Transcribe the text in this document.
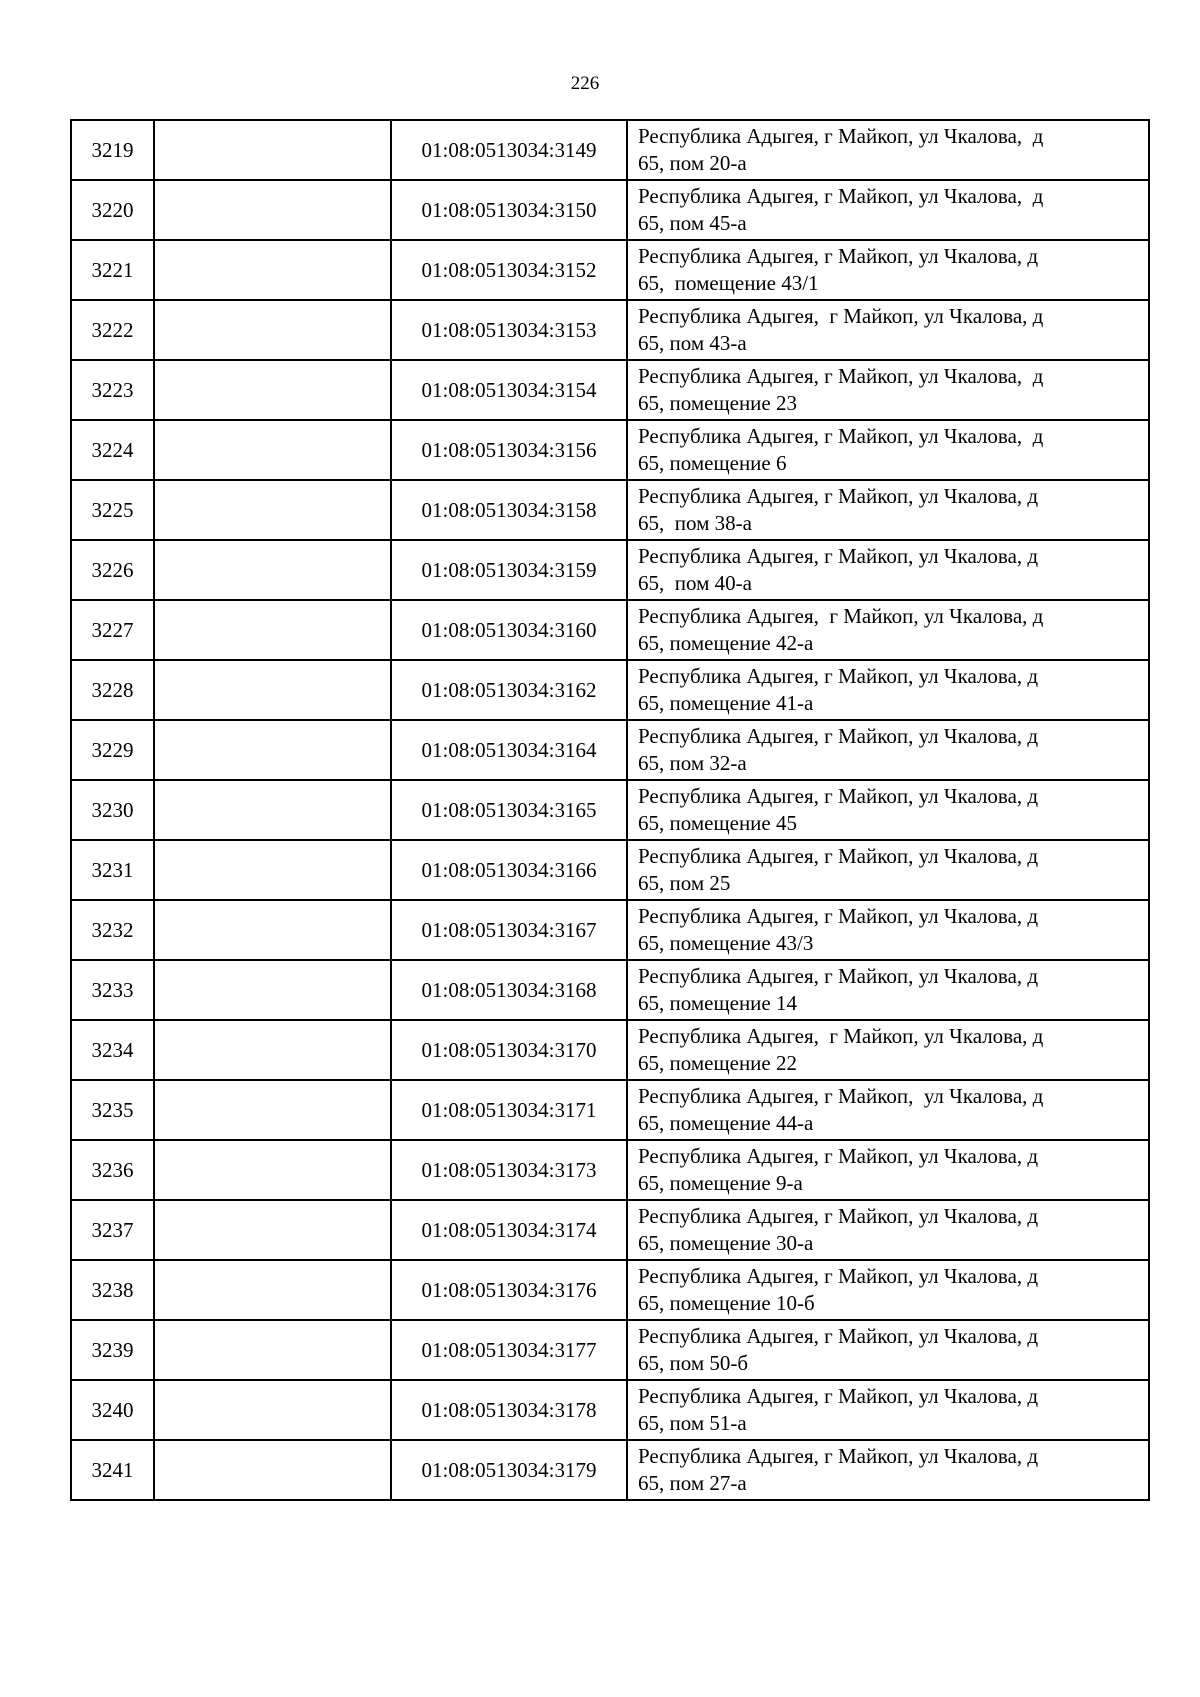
226
3219		01:08:0513034:3149	Республика Адыгея, г Майкоп, ул Чкалова,  д
65, пом 20-а

3220		01:08:0513034:3150	Республика Адыгея, г Майкоп, ул Чкалова,  д
65, пом 45-а

3221		01:08:0513034:3152	Республика Адыгея, г Майкоп, ул Чкалова, д
65,  помещение 43/1

3222		01:08:0513034:3153	Республика Адыгея,  г Майкоп, ул Чкалова, д
65, пом 43-а

3223		01:08:0513034:3154	Республика Адыгея, г Майкоп, ул Чкалова,  д
65, помещение 23

3224		01:08:0513034:3156	Республика Адыгея, г Майкоп, ул Чкалова,  д
65, помещение 6

3225		01:08:0513034:3158	Республика Адыгея, г Майкоп, ул Чкалова, д
65,  пом 38-а

3226		01:08:0513034:3159	Республика Адыгея, г Майкоп, ул Чкалова, д
65,  пом 40-а

3227		01:08:0513034:3160	Республика Адыгея,  г Майкоп, ул Чкалова, д
65, помещение 42-а

3228		01:08:0513034:3162	Республика Адыгея, г Майкоп, ул Чкалова, д
65, помещение 41-а

3229		01:08:0513034:3164	Республика Адыгея, г Майкоп, ул Чкалова, д
65, пом 32-а

3230		01:08:0513034:3165	Республика Адыгея, г Майкоп, ул Чкалова, д
65, помещение 45

3231		01:08:0513034:3166	Республика Адыгея, г Майкоп, ул Чкалова, д
65, пом 25

3232		01:08:0513034:3167	Республика Адыгея, г Майкоп, ул Чкалова, д
65, помещение 43/3

3233		01:08:0513034:3168	Республика Адыгея, г Майкоп, ул Чкалова, д
65, помещение 14

3234		01:08:0513034:3170	Республика Адыгея,  г Майкоп, ул Чкалова, д
65, помещение 22

3235		01:08:0513034:3171	Республика Адыгея, г Майкоп,  ул Чкалова, д
65, помещение 44-а

3236		01:08:0513034:3173	Республика Адыгея, г Майкоп, ул Чкалова, д
65, помещение 9-а

3237		01:08:0513034:3174	Республика Адыгея, г Майкоп, ул Чкалова, д
65, помещение 30-а

3238		01:08:0513034:3176	Республика Адыгея, г Майкоп, ул Чкалова, д
65, помещение 10-б

3239		01:08:0513034:3177	Республика Адыгея, г Майкоп, ул Чкалова, д
65, пом 50-б

3240		01:08:0513034:3178	Республика Адыгея, г Майкоп, ул Чкалова, д
65, пом 51-а

3241		01:08:0513034:3179	Республика Адыгея, г Майкоп, ул Чкалова, д
65, пом 27-а
